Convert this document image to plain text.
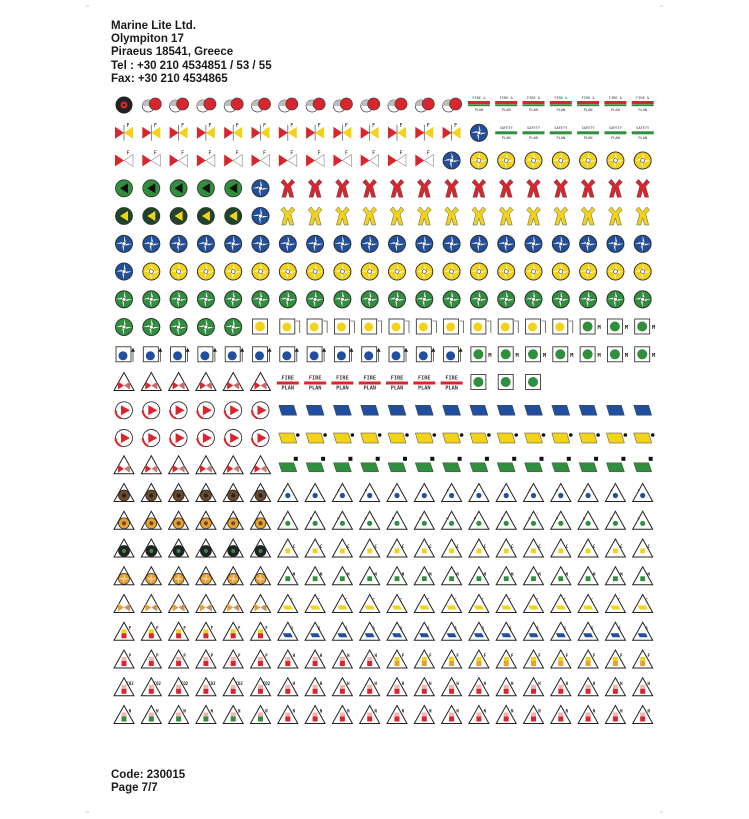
Marine Lite Ltd.
Olympiton 17
Piraeus 18541, Greece
Tel : +30 210 4534851 / 53 / 55
Fax: +30 210 4534865
FIRE &
PLAN
FIRE &
PLAN
FIRE &
PLAN
FIRE &
PLAN
FIRE &
PLAN
FIRE &
PLAN
FIRE &
PLAN
F	F	F	F	F	F	F	F	F	F	F	F	F	SAFETY
PLAN
SAFETY
PLAN
SAFETY
PLAN
SAFETY
PLAN
SAFETY
PLAN
SAFETY
PLAN
F	F	F	F	F	F	F	F	F	F	F	F
M	M	M
M	M	M	M	M	M	M
FIRE
PLAN
FIRE
PLAN
FIRE
PLAN
FIRE
PLAN
FIRE
PLAN
FIRE
PLAN
FIRE
PLAN
A	A	A	A	A	A	A	A	A	A	A	A	A	A
H	H	H	H	H	H	H	H	H	H	H	H	H	H
C	C	C	C	C	C	C	C	C	C	C	C	C	C
M	M	M	M	M	M	M	M	M	M	M	M	M	M
C	C	C	C	C	C	C	C	C	C	C	C	C	C
F	F	F	F	F	F	A	A	A	A	A	A	A	A	A	A	A	A	A	A
P	P	P	P	P	P	H	H	H	H	F	F	F	F	F	F	F	F	F	F
CO2	CO2	CO2	CO2	CO2	CO2	H	H	H	H	H	H	H	H	H	H	H	H	H	H
N	N	N	N	N	N	N	N	N	N	N	N	N	N	N	N	N	N	N	N
Code: 230015
Page 7/7
